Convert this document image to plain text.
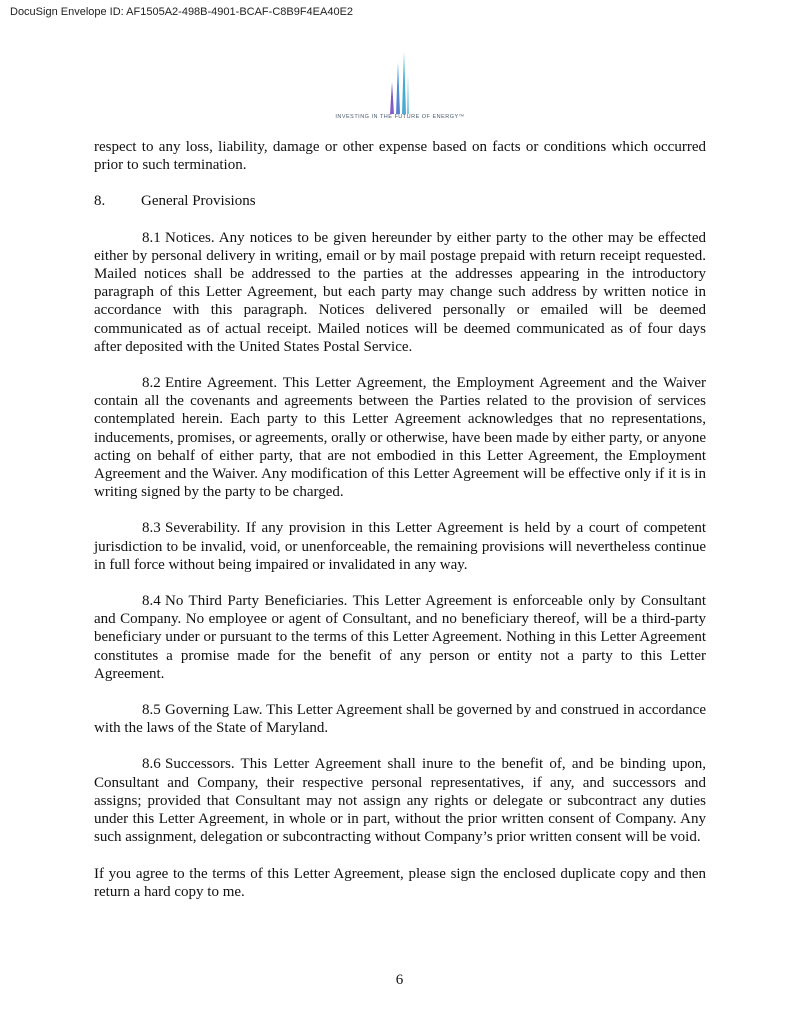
DocuSign Envelope ID: AF1505A2-498B-4901-BCAF-C8B9F4EA40E2
INVESTING IN THE FUTURE OF ENERGY™

respect to any loss, liability, damage or other expense based on facts or conditions which occurred prior to such termination.

8. General Provisions

8.1 Notices. Any notices to be given hereunder by either party to the other may be effected either by personal delivery in writing, email or by mail postage prepaid with return receipt requested. Mailed notices shall be addressed to the parties at the addresses appearing in the introductory paragraph of this Letter Agreement, but each party may change such address by written notice in accordance with this paragraph. Notices delivered personally or emailed will be deemed communicated as of actual receipt. Mailed notices will be deemed communicated as of four days after deposited with the United States Postal Service.

8.2 Entire Agreement. This Letter Agreement, the Employment Agreement and the Waiver contain all the covenants and agreements between the Parties related to the provision of services contemplated herein. Each party to this Letter Agreement acknowledges that no representations, inducements, promises, or agreements, orally or otherwise, have been made by either party, or anyone acting on behalf of either party, that are not embodied in this Letter Agreement, the Employment Agreement and the Waiver. Any modification of this Letter Agreement will be effective only if it is in writing signed by the party to be charged.

8.3 Severability. If any provision in this Letter Agreement is held by a court of competent jurisdiction to be invalid, void, or unenforceable, the remaining provisions will nevertheless continue in full force without being impaired or invalidated in any way.

8.4 No Third Party Beneficiaries. This Letter Agreement is enforceable only by Consultant and Company. No employee or agent of Consultant, and no beneficiary thereof, will be a third-party beneficiary under or pursuant to the terms of this Letter Agreement. Nothing in this Letter Agreement constitutes a promise made for the benefit of any person or entity not a party to this Letter Agreement.

8.5 Governing Law. This Letter Agreement shall be governed by and construed in accordance with the laws of the State of Maryland.

8.6 Successors. This Letter Agreement shall inure to the benefit of, and be binding upon, Consultant and Company, their respective personal representatives, if any, and successors and assigns; provided that Consultant may not assign any rights or delegate or subcontract any duties under this Letter Agreement, in whole or in part, without the prior written consent of Company. Any such assignment, delegation or subcontracting without Company’s prior written consent will be void.

If you agree to the terms of this Letter Agreement, please sign the enclosed duplicate copy and then return a hard copy to me.

6
